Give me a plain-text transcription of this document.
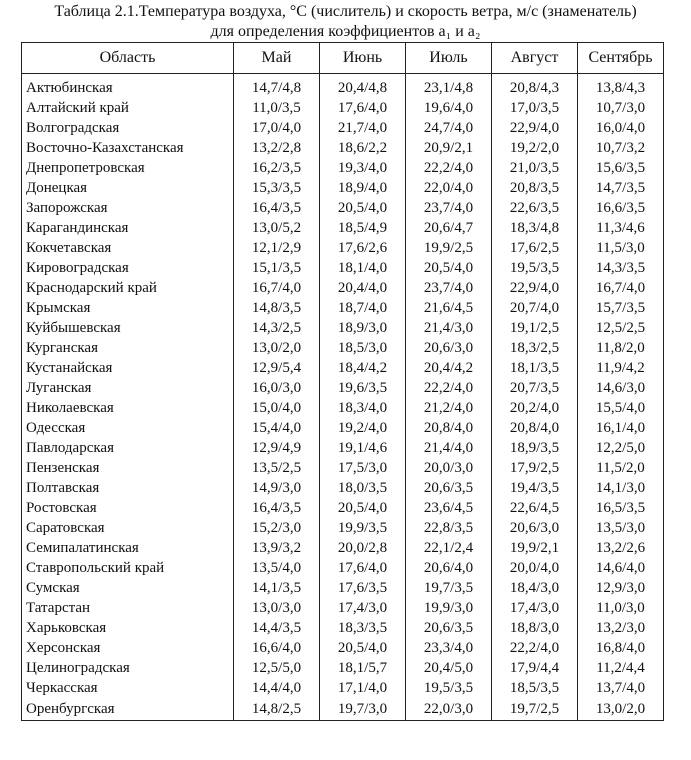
Таблица 2.1.Температура воздуха, °С (числитель) и скорость ветра, м/с (знаменатель)
для определения коэффициентов a₁ и a₂
Область	Май	Июнь	Июль	Август	Сентябрь
Актюбинская	14,7/4,8	20,4/4,8	23,1/4,8	20,8/4,3	13,8/4,3
Алтайский край	11,0/3,5	17,6/4,0	19,6/4,0	17,0/3,5	10,7/3,0
Волгоградская	17,0/4,0	21,7/4,0	24,7/4,0	22,9/4,0	16,0/4,0
Восточно-Казахстанская	13,2/2,8	18,6/2,2	20,9/2,1	19,2/2,0	10,7/3,2
Днепропетровская	16,2/3,5	19,3/4,0	22,2/4,0	21,0/3,5	15,6/3,5
Донецкая	15,3/3,5	18,9/4,0	22,0/4,0	20,8/3,5	14,7/3,5
Запорожская	16,4/3,5	20,5/4,0	23,7/4,0	22,6/3,5	16,6/3,5
Карагандинская	13,0/5,2	18,5/4,9	20,6/4,7	18,3/4,8	11,3/4,6
Кокчетавская	12,1/2,9	17,6/2,6	19,9/2,5	17,6/2,5	11,5/3,0
Кировоградская	15,1/3,5	18,1/4,0	20,5/4,0	19,5/3,5	14,3/3,5
Краснодарский край	16,7/4,0	20,4/4,0	23,7/4,0	22,9/4,0	16,7/4,0
Крымская	14,8/3,5	18,7/4,0	21,6/4,5	20,7/4,0	15,7/3,5
Куйбышевская	14,3/2,5	18,9/3,0	21,4/3,0	19,1/2,5	12,5/2,5
Курганская	13,0/2,0	18,5/3,0	20,6/3,0	18,3/2,5	11,8/2,0
Кустанайская	12,9/5,4	18,4/4,2	20,4/4,2	18,1/3,5	11,9/4,2
Луганская	16,0/3,0	19,6/3,5	22,2/4,0	20,7/3,5	14,6/3,0
Николаевская	15,0/4,0	18,3/4,0	21,2/4,0	20,2/4,0	15,5/4,0
Одесская	15,4/4,0	19,2/4,0	20,8/4,0	20,8/4,0	16,1/4,0
Павлодарская	12,9/4,9	19,1/4,6	21,4/4,0	18,9/3,5	12,2/5,0
Пензенская	13,5/2,5	17,5/3,0	20,0/3,0	17,9/2,5	11,5/2,0
Полтавская	14,9/3,0	18,0/3,5	20,6/3,5	19,4/3,5	14,1/3,0
Ростовская	16,4/3,5	20,5/4,0	23,6/4,5	22,6/4,5	16,5/3,5
Саратовская	15,2/3,0	19,9/3,5	22,8/3,5	20,6/3,0	13,5/3,0
Семипалатинская	13,9/3,2	20,0/2,8	22,1/2,4	19,9/2,1	13,2/2,6
Ставропольский край	13,5/4,0	17,6/4,0	20,6/4,0	20,0/4,0	14,6/4,0
Сумская	14,1/3,5	17,6/3,5	19,7/3,5	18,4/3,0	12,9/3,0
Татарстан	13,0/3,0	17,4/3,0	19,9/3,0	17,4/3,0	11,0/3,0
Харьковская	14,4/3,5	18,3/3,5	20,6/3,5	18,8/3,0	13,2/3,0
Херсонская	16,6/4,0	20,5/4,0	23,3/4,0	22,2/4,0	16,8/4,0
Целиноградская	12,5/5,0	18,1/5,7	20,4/5,0	17,9/4,4	11,2/4,4
Черкасская	14,4/4,0	17,1/4,0	19,5/3,5	18,5/3,5	13,7/4,0
Оренбургская	14,8/2,5	19,7/3,0	22,0/3,0	19,7/2,5	13,0/2,0
